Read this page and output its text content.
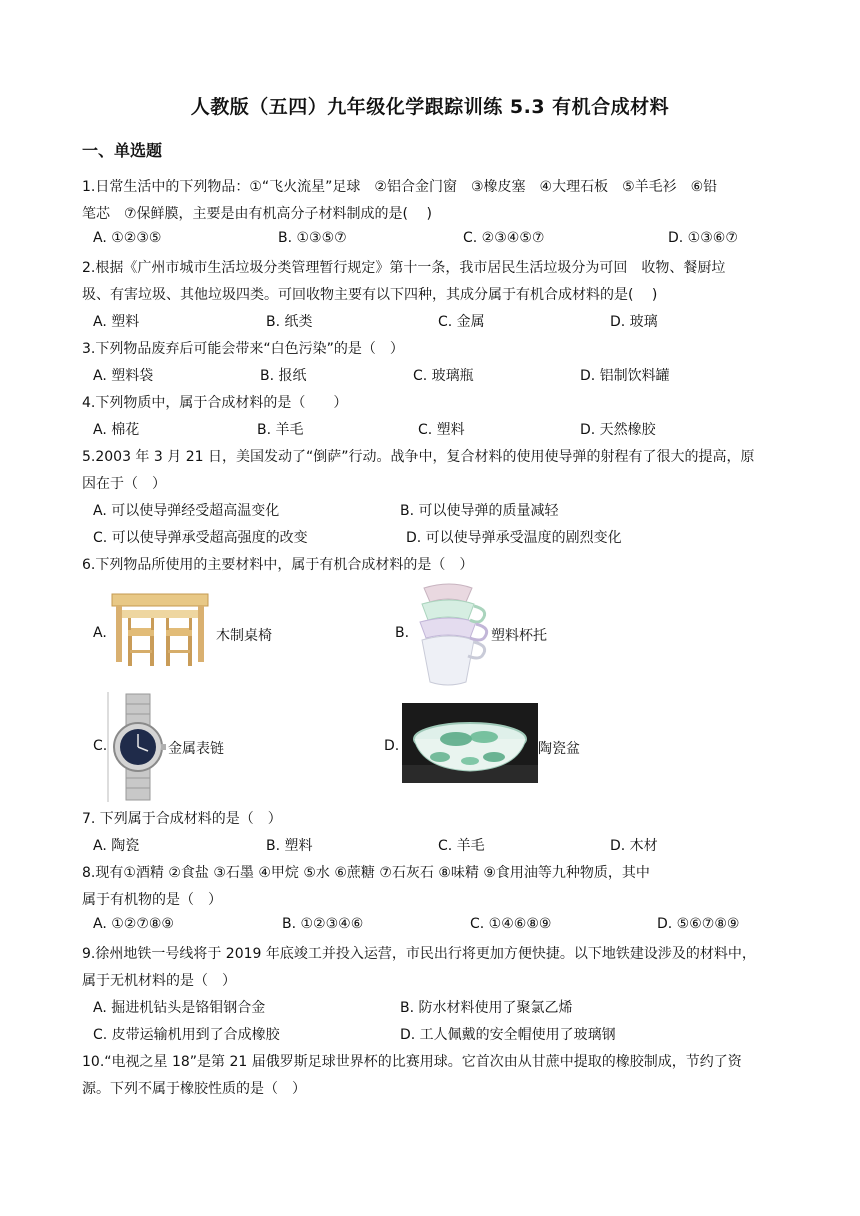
人教版（五四）九年级化学跟踪训练 5.3 有机合成材料
一、单选题
1.日常生活中的下列物品：①“飞火流星”足球　②铝合金门窗　③橡皮塞　④大理石板　⑤羊毛衫　⑥铅
笔芯　⑦保鲜膜，主要是由有机高分子材料制成的是(　 )
A. ①②③⑤	B. ①③⑤⑦	C. ②③④⑤⑦	D. ①③⑥⑦
2.根据《广州市城市生活垃圾分类管理暂行规定》第十一条，我市居民生活垃圾分为可回　收物、餐厨垃
圾、有害垃圾、其他垃圾四类。可回收物主要有以下四种，其成分属于有机合成材料的是(　 )
A. 塑料	B. 纸类	C. 金属	D. 玻璃
3.下列物品废弃后可能会带来“白色污染”的是（　）
A. 塑料袋	B. 报纸	C. 玻璃瓶	D. 铝制饮料罐
4.下列物质中，属于合成材料的是（　　）
A. 棉花	B. 羊毛	C. 塑料	D. 天然橡胶
5.2003 年 3 月 21 日，美国发动了“倒萨”行动。战争中，复合材料的使用使导弹的射程有了很大的提高，原
因在于（　）
A. 可以使导弹经受超高温变化	B. 可以使导弹的质量减轻
C. 可以使导弹承受超高强度的改变	D. 可以使导弹承受温度的剧烈变化
6.下列物品所使用的主要材料中，属于有机合成材料的是（　）
A.	木制桌椅	B.	塑料杯托
C.	金属表链	D.	陶瓷盆
7. 下列属于合成材料的是（　）
A. 陶瓷	B. 塑料	C. 羊毛	D. 木材
8.现有①酒精 ②食盐 ③石墨 ④甲烷 ⑤水 ⑥蔗糖 ⑦石灰石 ⑧味精 ⑨食用油等九种物质，其中
属于有机物的是（　）
A. ①②⑦⑧⑨	B. ①②③④⑥	C. ①④⑥⑧⑨	D. ⑤⑥⑦⑧⑨
9.徐州地铁一号线将于 2019 年底竣工并投入运营，市民出行将更加方便快捷。以下地铁建设涉及的材料中，
属于无机材料的是（　）
A. 掘进机钻头是铬钼钢合金	B. 防水材料使用了聚氯乙烯
C. 皮带运输机用到了合成橡胶	D. 工人佩戴的安全帽使用了玻璃钢
10.“电视之星 18”是第 21 届俄罗斯足球世界杯的比赛用球。它首次由从甘蔗中提取的橡胶制成，节约了资
源。下列不属于橡胶性质的是（　）
